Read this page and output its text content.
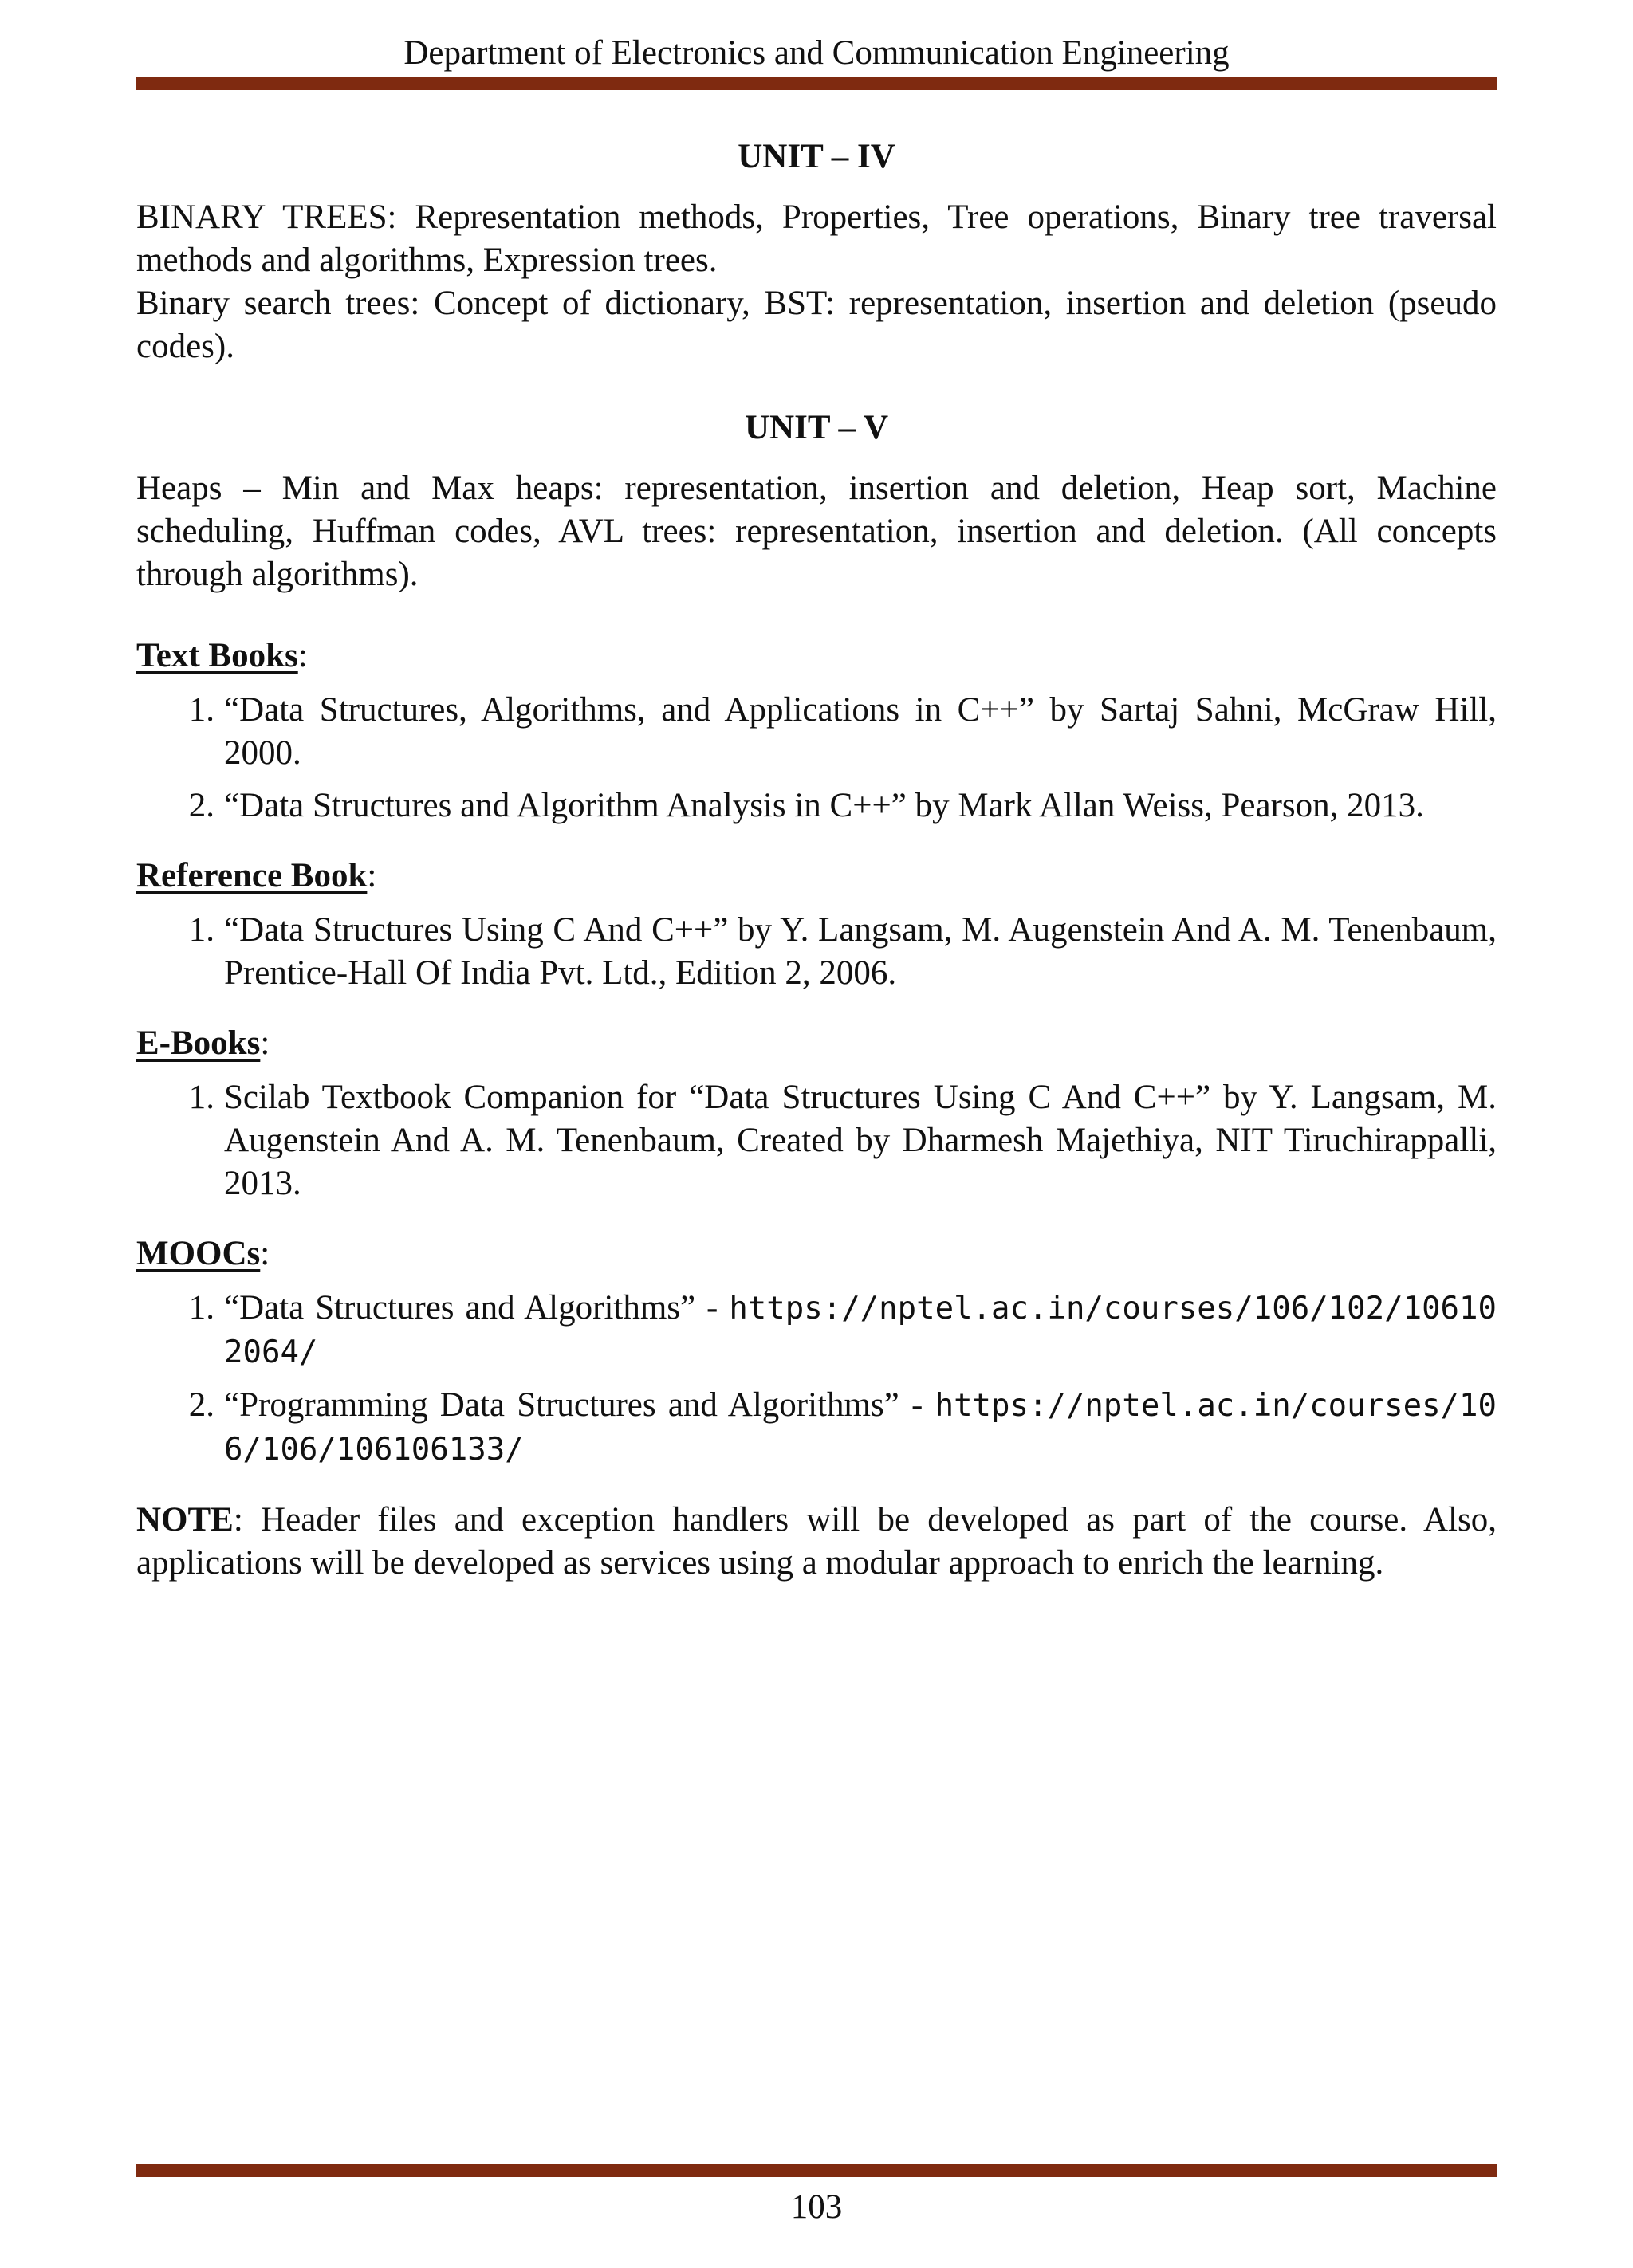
Department of Electronics and Communication Engineering

UNIT – IV

BINARY TREES: Representation methods, Properties, Tree operations, Binary tree traversal methods and algorithms, Expression trees.

Binary search trees: Concept of dictionary, BST: representation, insertion and deletion (pseudo codes).

UNIT – V

Heaps – Min and Max heaps: representation, insertion and deletion, Heap sort, Machine scheduling, Huffman codes, AVL trees: representation, insertion and deletion. (All concepts through algorithms).

Text Books:

1. “Data Structures, Algorithms, and Applications in C++” by Sartaj Sahni, McGraw Hill, 2000.
2. “Data Structures and Algorithm Analysis in C++” by Mark Allan Weiss, Pearson, 2013.

Reference Book:

1. “Data Structures Using C And C++” by Y. Langsam, M. Augenstein And A. M. Tenenbaum, Prentice-Hall Of India Pvt. Ltd., Edition 2, 2006.

E-Books:

1. Scilab Textbook Companion for “Data Structures Using C And C++” by Y. Langsam, M. Augenstein And A. M. Tenenbaum, Created by Dharmesh Majethiya, NIT Tiruchirappalli, 2013.

MOOCs:

1. “Data Structures and Algorithms” - https://nptel.ac.in/courses/106/102/106102064/
2. “Programming Data Structures and Algorithms” - https://nptel.ac.in/courses/106/106/106106133/

NOTE: Header files and exception handlers will be developed as part of the course. Also, applications will be developed as services using a modular approach to enrich the learning.

103
